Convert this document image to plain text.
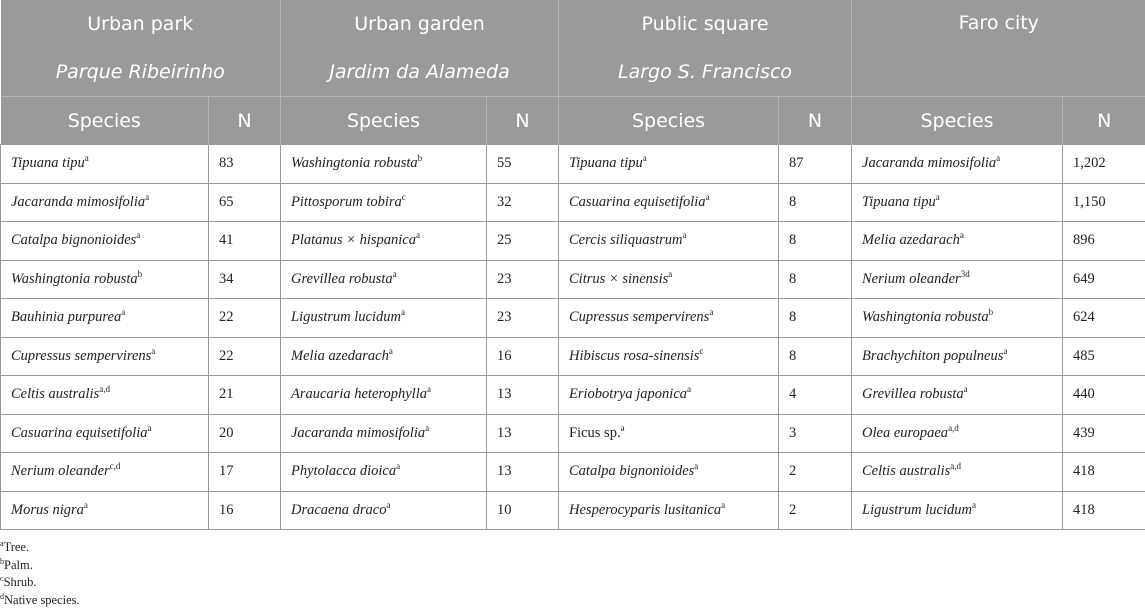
Urban park		Urban garden		Public square		Faro city	
Parque Ribeirinho		Jardim da Alameda		Largo S. Francisco			
Species	N	Species	N	Species	N	Species	N
Tipuana tipu$^a$	83	Washingtonia robusta$^b$	55	Tipuana tipu$^a$	87	Jacaranda mimosifolia$^a$	1,202
Jacaranda mimosifolia$^a$	65	Pittosporum tobira$^c$	32	Casuarina equisetifolia$^a$	8	Tipuana tipu$^a$	1,150
Catalpa bignonioides$^a$	41	Platanus × hispanica$^a$	25	Cercis siliquastrum$^a$	8	Melia azedarach$^a$	896
Washingtonia robusta$^b$	34	Grevillea robusta$^a$	23	Citrus × sinensis$^a$	8	Nerium oleander$^{3d}$	649
Bauhinia purpurea$^a$	22	Ligustrum lucidum$^a$	23	Cupressus sempervirens$^a$	8	Washingtonia robusta$^b$	624
Cupressus sempervirens$^a$	22	Melia azedarach$^a$	16	Hibiscus rosa-sinensis$^c$	8	Brachychiton populneus$^a$	485
Celtis australis$^{a,d}$	21	Araucaria heterophylla$^a$	13	Eriobotrya japonica$^a$	4	Grevillea robusta$^a$	440
Casuarina equisetifolia$^a$	20	Jacaranda mimosifolia$^a$	13	Ficus sp.$^a$	3	Olea europaea$^{a,d}$	439
Nerium oleander$^{c,d}$	17	Phytolacca dioica$^a$	13	Catalpa bignonioides$^a$	2	Celtis australis$^{a,d}$	418
Morus nigra$^a$	16	Dracaena draco$^a$	10	Hesperocyparis lusitanica$^a$	2	Ligustrum lucidum$^a$	418
$^a$Tree.
$^b$Palm.
$^c$Shrub.
$^d$Native species.
